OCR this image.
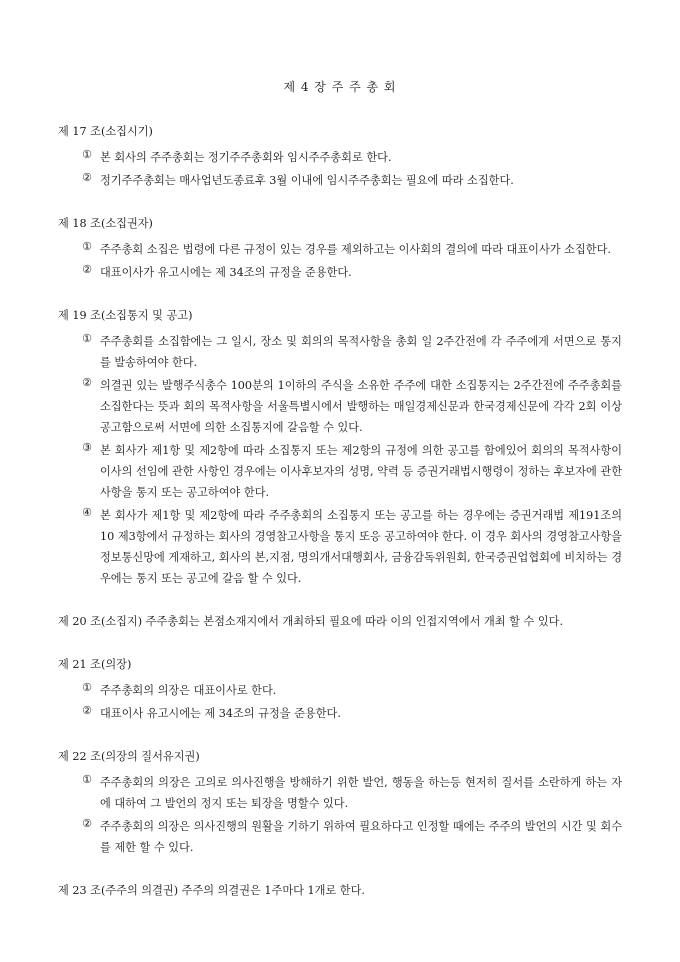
제 4 장 주 주 총 회

제 17 조(소집시기)

① 본 회사의 주주총회는 정기주주총회와 임시주주총회로 한다.
② 정기주주총회는 매사업년도종료후 3월 이내에 임시주주총회는 필요에 따라 소집한다.

제 18 조(소집권자)

① 주주총회 소집은 법령에 다른 규정이 있는 경우를 제외하고는 이사회의 결의에 따라 대표이사가 소집한다.
② 대표이사가 유고시에는 제 34조의 규정을 준용한다.

제 19 조(소집통지 및 공고)

① 주주총회를 소집함에는 그 일시, 장소 및 회의의 목적사항을 총회 일 2주간전에 각 주주에게 서면으로 통지를 발송하여야 한다.
② 의결권 있는 발행주식총수 100분의 1이하의 주식을 소유한 주주에 대한 소집통지는 2주간전에 주주총회를 소집한다는 뜻과 회의 목적사항을 서울특별시에서 발행하는 매일경제신문과 한국경제신문에 각각 2회 이상 공고함으로써 서면에 의한 소집통지에 갈음할 수 있다.
③ 본 회사가 제1항 및 제2항에 따라 소집통지 또는 제2항의 규정에 의한 공고를 함에있어 회의의 목적사항이 이사의 선임에 관한 사항인 경우에는 이사후보자의 성명, 약력 등 증권거래법시행령이 정하는 후보자에 관한 사항을 통지 또는 공고하여야 한다.
④ 본 회사가 제1항 및 제2항에 따라 주주총회의 소집통지 또는 공고를 하는 경우에는 증권거래법 제191조의 10 제3항에서 규정하는 회사의 경영참고사항을 통지 또응 공고하여야 한다. 이 경우 회사의 경영참고사항을 정보통신망에 게재하고, 회사의 본,지점, 명의개서대행회사, 금융감독위원회, 한국증권업협회에 비치하는 경우에는 통지 또는 공고에 갈음 할 수 있다.

제 20 조(소집지) 주주총회는 본점소재지에서 개최하되 필요에 따라 이의 인접지역에서 개최 할 수 있다.

제 21 조(의장)

① 주주총회의 의장은 대표이사로 한다.
② 대표이사 유고시에는 제 34조의 규정을 준용한다.

제 22 조(의장의 질서유지권)

① 주주총회의 의장은 고의로 의사진행을 방해하기 위한 발언, 행동을 하는등 현저히 질서를 소란하게 하는 자에 대하여 그 발언의 정지 또는 퇴장을 명할수 있다.
② 주주총회의 의장은 의사진행의 원활을 기하기 위하여 필요하다고 인정할 때에는 주주의 발언의 시간 및 회수를 제한 할 수 있다.

제 23 조(주주의 의결권) 주주의 의결권은 1주마다 1개로 한다.
